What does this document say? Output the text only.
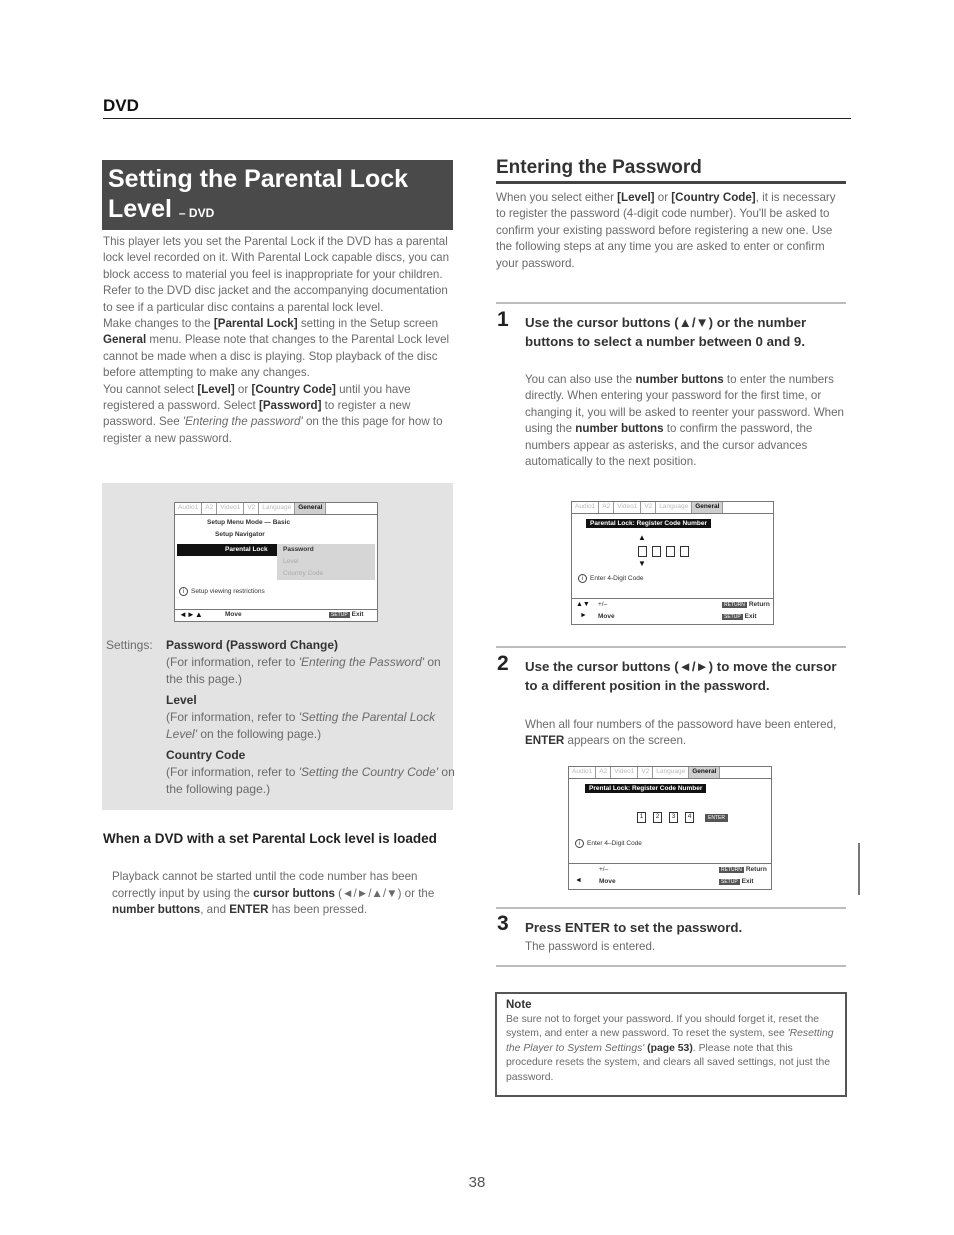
DVD
Setting the Parental Lock
Level – DVD

This player lets you set the Parental Lock if the DVD has a parental lock level recorded on it. With Parental Lock capable discs, you can block access to material you feel is inappropriate for your children. Refer to the DVD disc jacket and the accompanying documentation to see if a particular disc contains a parental lock level.

Make changes to the [Parental Lock] setting in the Setup screen General menu. Please note that changes to the Parental Lock level cannot be made when a disc is playing. Stop playback of the disc before attempting to make any changes.

You cannot select [Level] or [Country Code] until you have registered a password. Select [Password] to register a new password. See 'Entering the password' on the this page for how to register a new password.

Audio1	A2	Video1	V2	Language	General
Setup Menu Mode — Basic
Setup Navigator
Parental Lock	Password
Level
Country Code
i Setup viewing restrictions
◄►▲	Move	SETUP Exit
Settings: Password (Password Change)
(For information, refer to 'Entering the Password' on the this page.)
Level
(For information, refer to 'Setting the Parental Lock Level' on the following page.)
Country Code
(For information, refer to 'Setting the Country Code' on the following page.)
When a DVD with a set Parental Lock level is loaded
Playback cannot be started until the code number has been correctly input by using the cursor buttons (◄/►/▲/▼) or the number buttons, and ENTER has been pressed.
Entering the Password
When you select either [Level] or [Country Code], it is necessary to register the password (4-digit code number). You'll be asked to confirm your existing password before registering a new one. Use the following steps at any time you are asked to enter or confirm your password.
1 Use the cursor buttons (▲/▼) or the number buttons to select a number between 0 and 9.
You can also use the number buttons to enter the numbers directly. When entering your password for the first time, or changing it, you will be asked to reenter your password. When using the number buttons to confirm the password, the numbers appear as asterisks, and the cursor advances automatically to the next position.
Audio1	A2	Video1	V2	Language	General
Parental Lock: Register Code Number
▲
▼
i Enter 4-Digit Code
▲▼ +/–	RETURN Return
► Move	SETUP Exit
2 Use the cursor buttons (◄/►) to move the cursor to a different position in the password.
When all four numbers of the passoword have been entered, ENTER appears on the screen.
Audio1	A2	Video1	V2	Language	General
Prental Lock: Register Code Number
1	2	3	4	ENTER
i Enter 4–Digit Code
+/–	RETURN Return
◄	Move	SETUP Exit
3 Press ENTER to set the password.
The password is entered.
Note
Be sure not to forget your password. If you should forget it, reset the system, and enter a new password. To reset the system, see 'Resetting the Player to System Settings' (page 53). Please note that this procedure resets the system, and clears all saved settings, not just the password.
38
